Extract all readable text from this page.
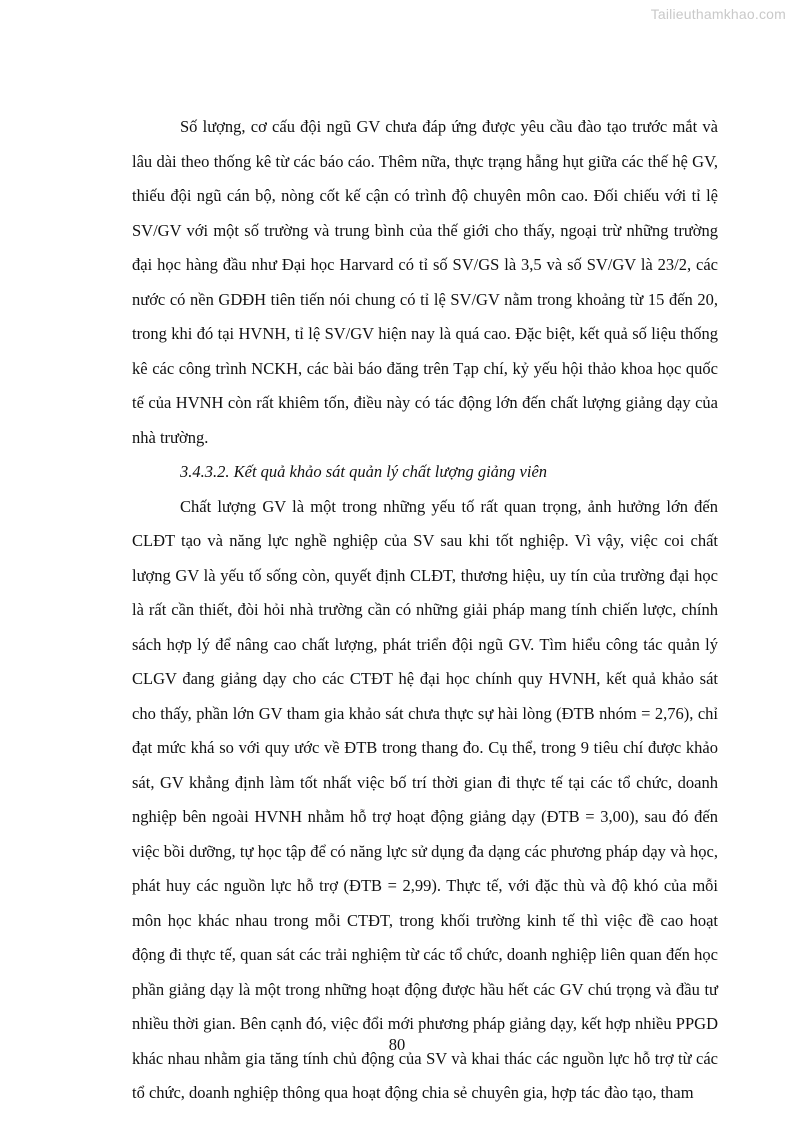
Tailieuthamkhao.com

Số lượng, cơ cấu đội ngũ GV chưa đáp ứng được yêu cầu đào tạo trước mắt và lâu dài theo thống kê từ các báo cáo. Thêm nữa, thực trạng hẫng hụt giữa các thế hệ GV, thiếu đội ngũ cán bộ, nòng cốt kế cận có trình độ chuyên môn cao. Đối chiếu với tỉ lệ SV/GV với một số trường và trung bình của thế giới cho thấy, ngoại trừ những trường đại học hàng đầu như Đại học Harvard có tỉ số SV/GS là 3,5 và số SV/GV là 23/2, các nước có nền GDĐH tiên tiến nói chung có tỉ lệ SV/GV nằm trong khoảng từ 15 đến 20, trong khi đó tại HVNH, tỉ lệ SV/GV hiện nay là quá cao. Đặc biệt, kết quả số liệu thống kê các công trình NCKH, các bài báo đăng trên Tạp chí, kỷ yếu hội thảo khoa học quốc tế của HVNH còn rất khiêm tốn, điều này có tác động lớn đến chất lượng giảng dạy của nhà trường.

3.4.3.2. Kết quả khảo sát quản lý chất lượng giảng viên

Chất lượng GV là một trong những yếu tố rất quan trọng, ảnh hưởng lớn đến CLĐT tạo và năng lực nghề nghiệp của SV sau khi tốt nghiệp. Vì vậy, việc coi chất lượng GV là yếu tố sống còn, quyết định CLĐT, thương hiệu, uy tín của trường đại học là rất cần thiết, đòi hỏi nhà trường cần có những giải pháp mang tính chiến lược, chính sách hợp lý để nâng cao chất lượng, phát triển đội ngũ GV. Tìm hiểu công tác quản lý CLGV đang giảng dạy cho các CTĐT hệ đại học chính quy HVNH, kết quả khảo sát cho thấy, phần lớn GV tham gia khảo sát chưa thực sự hài lòng (ĐTB nhóm = 2,76), chỉ đạt mức khá so với quy ước về ĐTB trong thang đo. Cụ thể, trong 9 tiêu chí được khảo sát, GV khẳng định làm tốt nhất việc bố trí thời gian đi thực tế tại các tổ chức, doanh nghiệp bên ngoài HVNH nhằm hỗ trợ hoạt động giảng dạy (ĐTB = 3,00), sau đó đến việc bồi dưỡng, tự học tập để có năng lực sử dụng đa dạng các phương pháp dạy và học, phát huy các nguồn lực hỗ trợ (ĐTB = 2,99). Thực tế, với đặc thù và độ khó của mỗi môn học khác nhau trong mỗi CTĐT, trong khối trường kinh tế thì việc đề cao hoạt động đi thực tế, quan sát các trải nghiệm từ các tổ chức, doanh nghiệp liên quan đến học phần giảng dạy là một trong những hoạt động được hầu hết các GV chú trọng và đầu tư nhiều thời gian. Bên cạnh đó, việc đổi mới phương pháp giảng dạy, kết hợp nhiều PPGD khác nhau nhằm gia tăng tính chủ động của SV và khai thác các nguồn lực hỗ trợ từ các tổ chức, doanh nghiệp thông qua hoạt động chia sẻ chuyên gia, hợp tác đào tạo, tham

80
